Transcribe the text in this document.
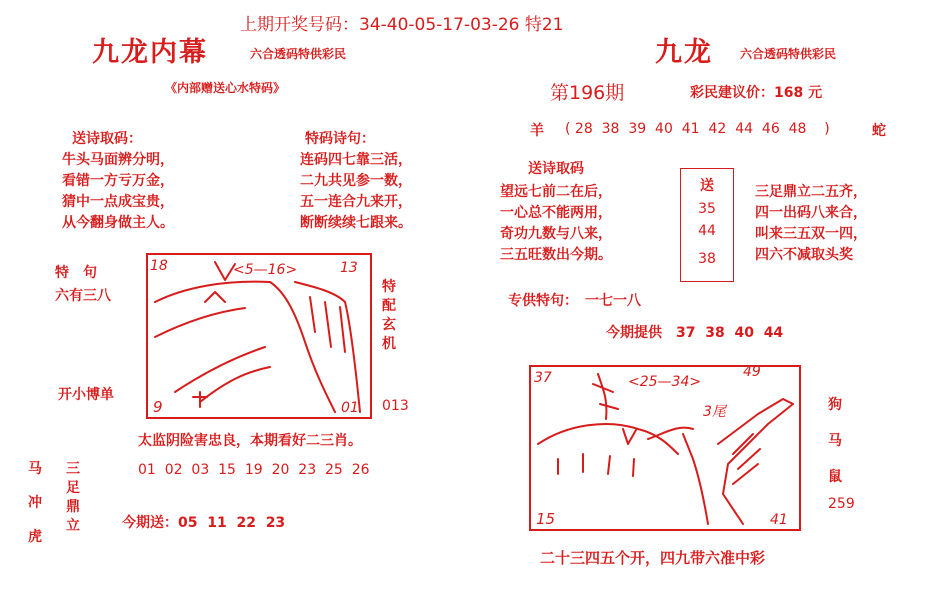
上期开奖号码：34-40-05-17-03-26 特21
九龙内幕	六合透码特供彩民
《内部赠送心水特码》
送诗取码：
牛头马面辨分明，
看错一方亏万金，
猜中一点成宝贵，
从今翻身做主人。
特码诗句：
连码四七靠三活，
二九共见参一数，
五一连合九来开，
断断续续七跟来。
特　句
六有三八
开小博单
18	<5—16>	13
9	01
特配玄机
013
太监阴险害忠良，本期看好二三肖。
马冲虎
三足鼎立
01  02  03  15  19  20  23  25  26
今期送：05  11  22  23
九龙 六合透码特供彩民
第196期	彩民建议价：168 元
羊 ( 28  38  39  40  41  42  44  46  48    )	蛇
送诗取码
望远七前二在后，
一心总不能两用，
奇功九数与八来，
三五旺数出今期。
送
35
44
38
三足鼎立二五齐，
四一出码八来合，
叫来三五双一四，
四六不减取头奖
专供特句：　一七一八
今期提供　37  38  40  44
37	<25—34>
49
3尾
15	41
狗
马
鼠
259
二十三四五个开，四九带六准中彩
